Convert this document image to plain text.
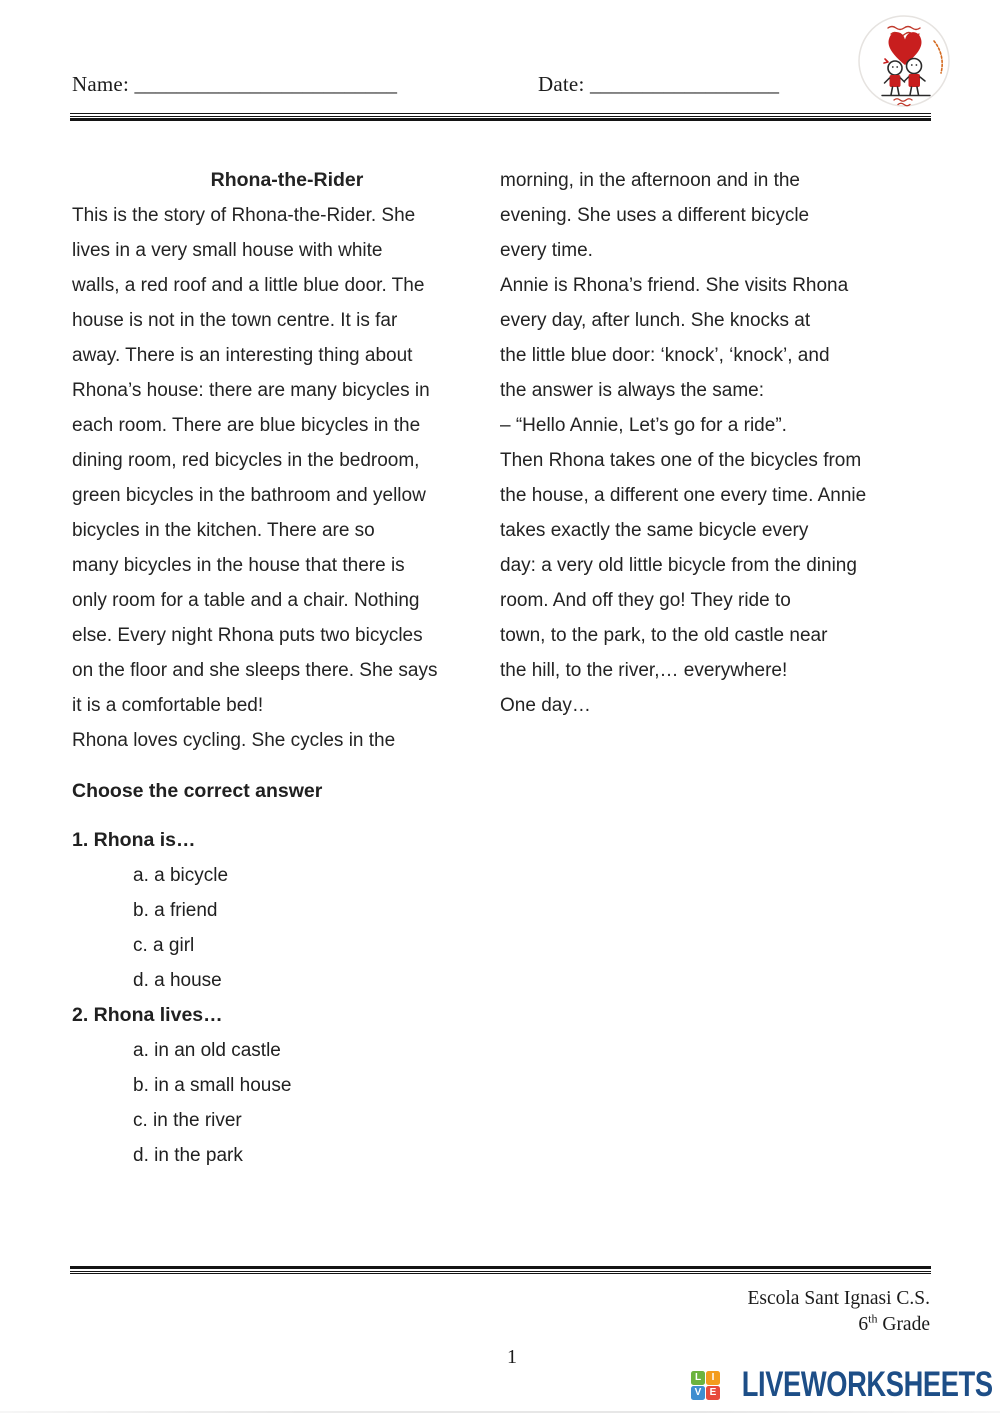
Name: _________________________	Date: __________________
Rhona-the-Rider
This is the story of Rhona-the-Rider. She
lives in a very small house with white
walls, a red roof and a little blue door. The
house is not in the town centre. It is far
away. There is an interesting thing about
Rhona’s house: there are many bicycles in
each room. There are blue bicycles in the
dining room, red bicycles in the bedroom,
green bicycles in the bathroom and yellow
bicycles in the kitchen. There are so
many bicycles in the house that there is
only room for a table and a chair. Nothing
else. Every night Rhona puts two bicycles
on the floor and she sleeps there. She says
it is a comfortable bed!
Rhona loves cycling. She cycles in the
morning, in the afternoon and in the
evening. She uses a different bicycle
every time.
Annie is Rhona’s friend. She visits Rhona
every day, after lunch. She knocks at
the little blue door: ‘knock’, ‘knock’, and
the answer is always the same:
– “Hello Annie, Let’s go for a ride”.
Then Rhona takes one of the bicycles from
the house, a different one every time. Annie
takes exactly the same bicycle every
day: a very old little bicycle from the dining
room. And off they go! They ride to
town, to the park, to the old castle near
the hill, to the river,… everywhere!
One day…
Choose the correct answer
1. Rhona is…
a. a bicycle
b. a friend
c. a girl
d. a house
2. Rhona lives…
a. in an old castle
b. in a small house
c. in the river
d. in the park
Escola Sant Ignasi C.S.
6th Grade
1
L	I
V E LIVEWORKSHEETS
